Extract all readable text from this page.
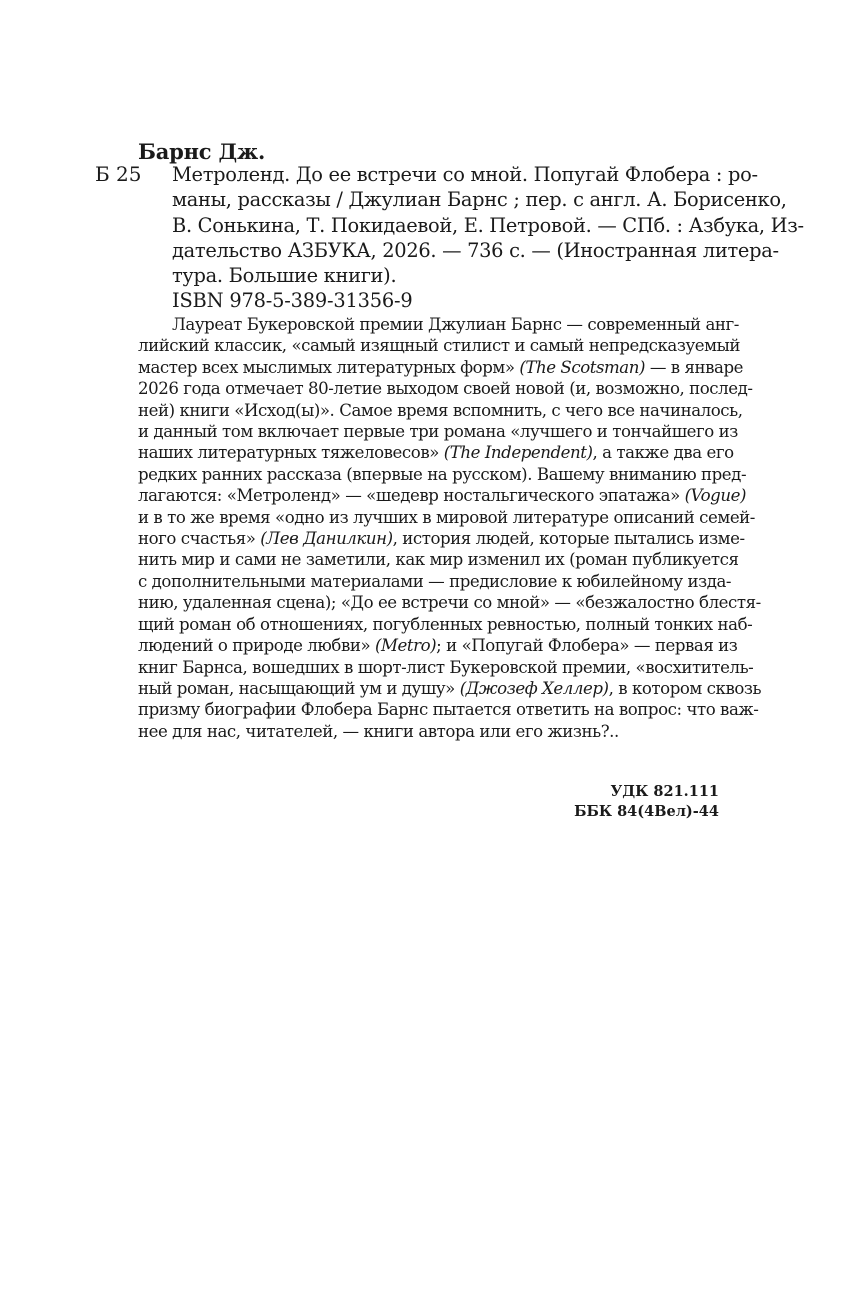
Барнс Дж.
Б 25 Метроленд. До ее встречи со мной. Попугай Флобера : ро-
маны, рассказы / Джулиан Барнс ; пер. с англ. А. Борисенко,
В. Сонькина, Т. Покидаевой, Е. Петровой. — СПб. : Азбука, Из-
дательство АЗБУКА, 2026. — 736 с. — (Иностранная литера-
тура. Большие книги).
ISBN 978-5-389-31356-9
Лауреат Букеровской премии Джулиан Барнс — современный анг-
лийский классик, «самый изящный стилист и самый непредсказуемый
мастер всех мыслимых литературных форм» (The Scotsman) — в январе
2026 года отмечает 80-летие выходом своей новой (и, возможно, послед-
ней) книги «Исход(ы)». Самое время вспомнить, с чего все начиналось,
и данный том включает первые три романа «лучшего и тончайшего из
наших литературных тяжеловесов» (The Independent), а также два его
редких ранних рассказа (впервые на русском). Вашему вниманию пред-
лагаются: «Метроленд» — «шедевр ностальгического эпатажа» (Vogue)
и в то же время «одно из лучших в мировой литературе описаний семей-
ного счастья» (Лев Данилкин), история людей, которые пытались изме-
нить мир и сами не заметили, как мир изменил их (роман публикуется
с дополнительными материалами — предисловие к юбилейному изда-
нию, удаленная сцена); «До ее встречи со мной» — «безжалостно блестя-
щий роман об отношениях, погубленных ревностью, полный тонких наб-
людений о природе любви» (Metro); и «Попугай Флобера» — первая из
книг Барнса, вошедших в шорт-лист Букеровской премии, «восхититель-
ный роман, насыщающий ум и душу» (Джозеф Хеллер), в котором сквозь
призму биографии Флобера Барнс пытается ответить на вопрос: что важ-
нее для нас, читателей, — книги автора или его жизнь?..
УДК 821.111
ББК 84(4Вел)-44
